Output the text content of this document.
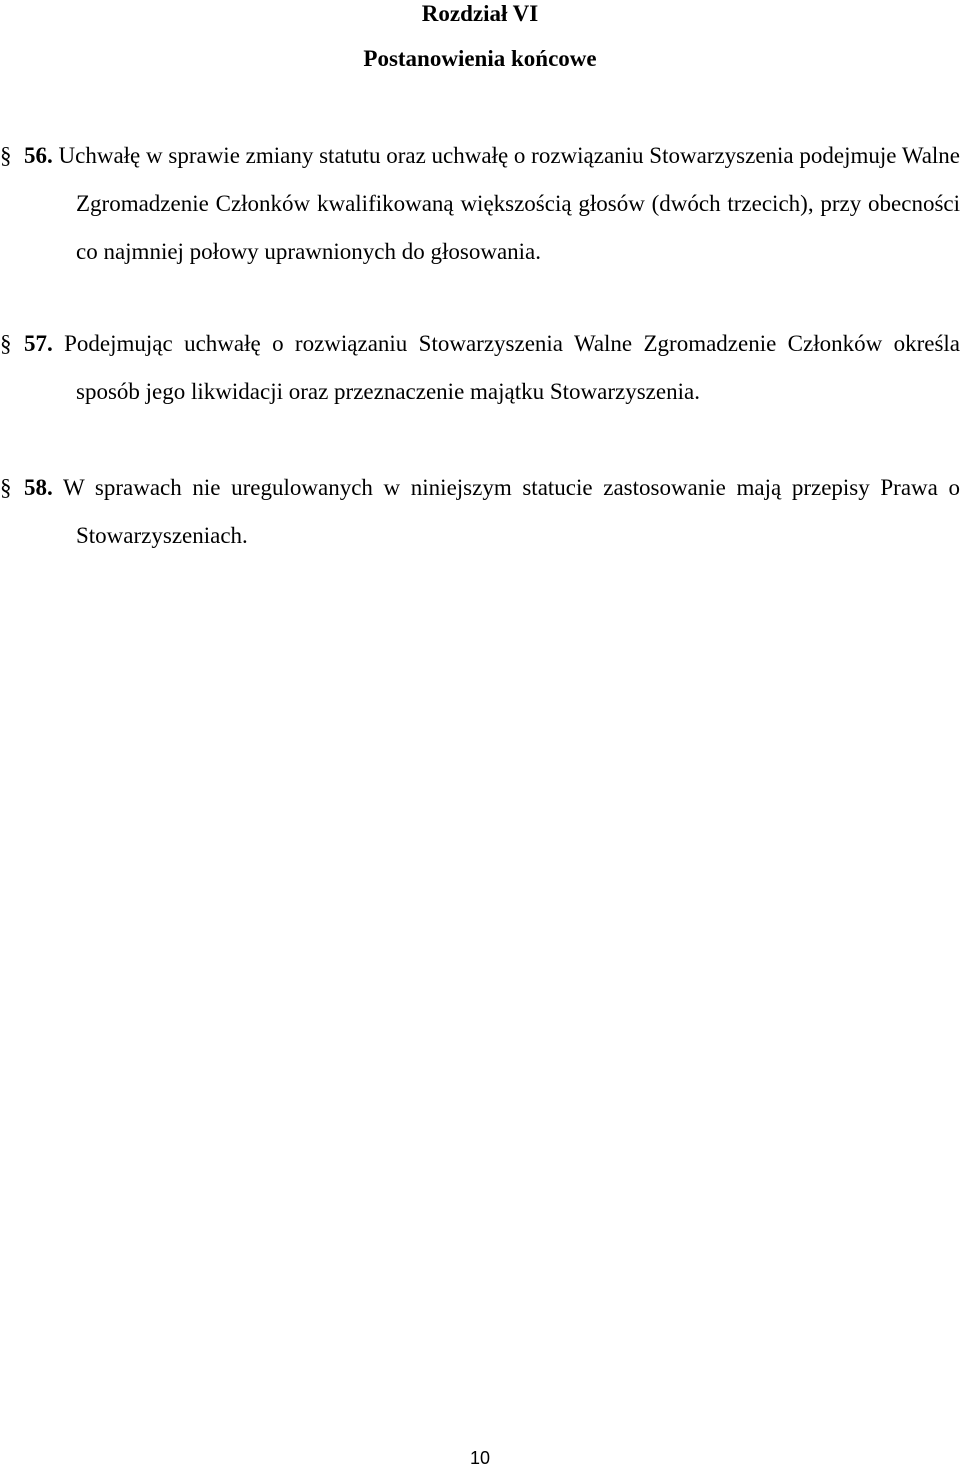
Rozdział VI
Postanowienia końcowe
§ 56. Uchwałę w sprawie zmiany statutu oraz uchwałę o rozwiązaniu Stowarzyszenia podejmuje Walne Zgromadzenie Członków kwalifikowaną większością głosów (dwóch trzecich), przy obecności co najmniej połowy uprawnionych do głosowania.
§ 57. Podejmując uchwałę o rozwiązaniu Stowarzyszenia Walne Zgromadzenie Członków określa sposób jego likwidacji oraz przeznaczenie majątku Stowarzyszenia.
§ 58. W sprawach nie uregulowanych w niniejszym statucie zastosowanie mają przepisy Prawa o Stowarzyszeniach.
10
